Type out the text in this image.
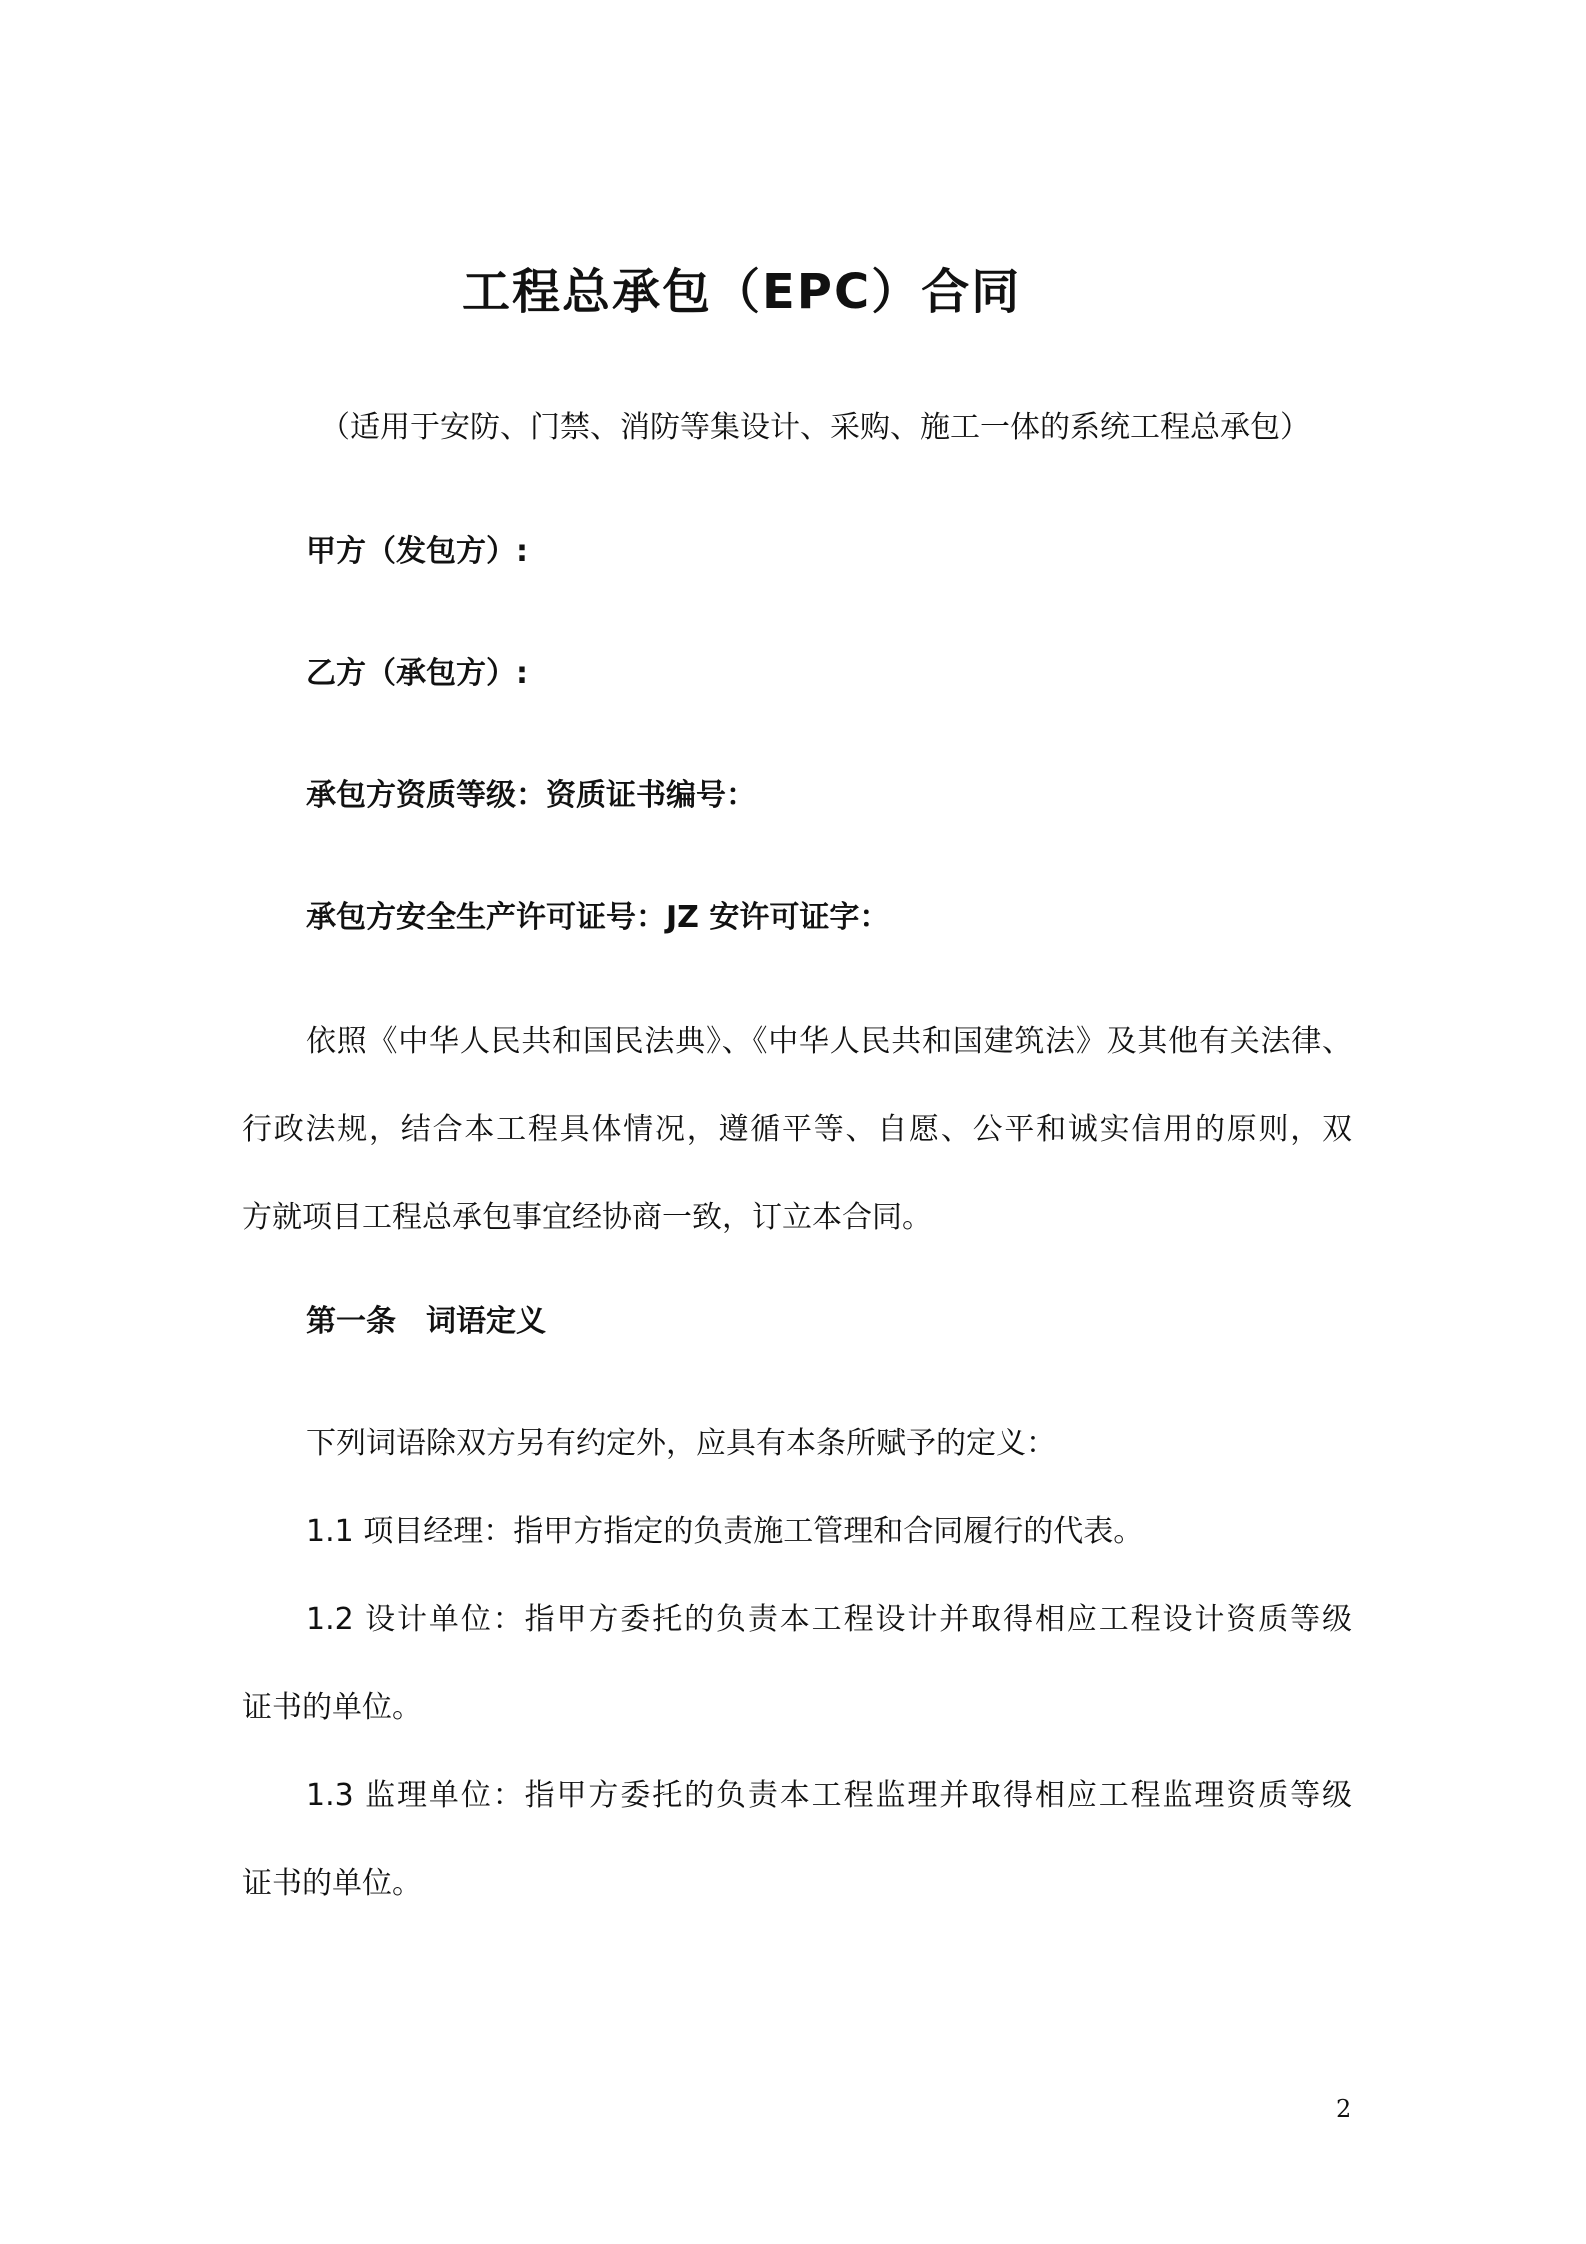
工程总承包（EPC）合同
（适用于安防、门禁、消防等集设计、采购、施工一体的系统工程总承包）
甲方（发包方）:
乙方（承包方）:
承包方资质等级：资质证书编号：
承包方安全生产许可证号：JZ 安许可证字：
依照《中华人民共和国民法典》、《中华人民共和国建筑法》及其他有关法律、
行政法规，结合本工程具体情况，遵循平等、自愿、公平和诚实信用的原则，双
方就项目工程总承包事宜经协商一致，订立本合同。
第一条　词语定义
下列词语除双方另有约定外，应具有本条所赋予的定义：
1.1 项目经理：指甲方指定的负责施工管理和合同履行的代表。
1.2 设计单位：指甲方委托的负责本工程设计并取得相应工程设计资质等级
证书的单位。
1.3 监理单位：指甲方委托的负责本工程监理并取得相应工程监理资质等级
证书的单位。
2
